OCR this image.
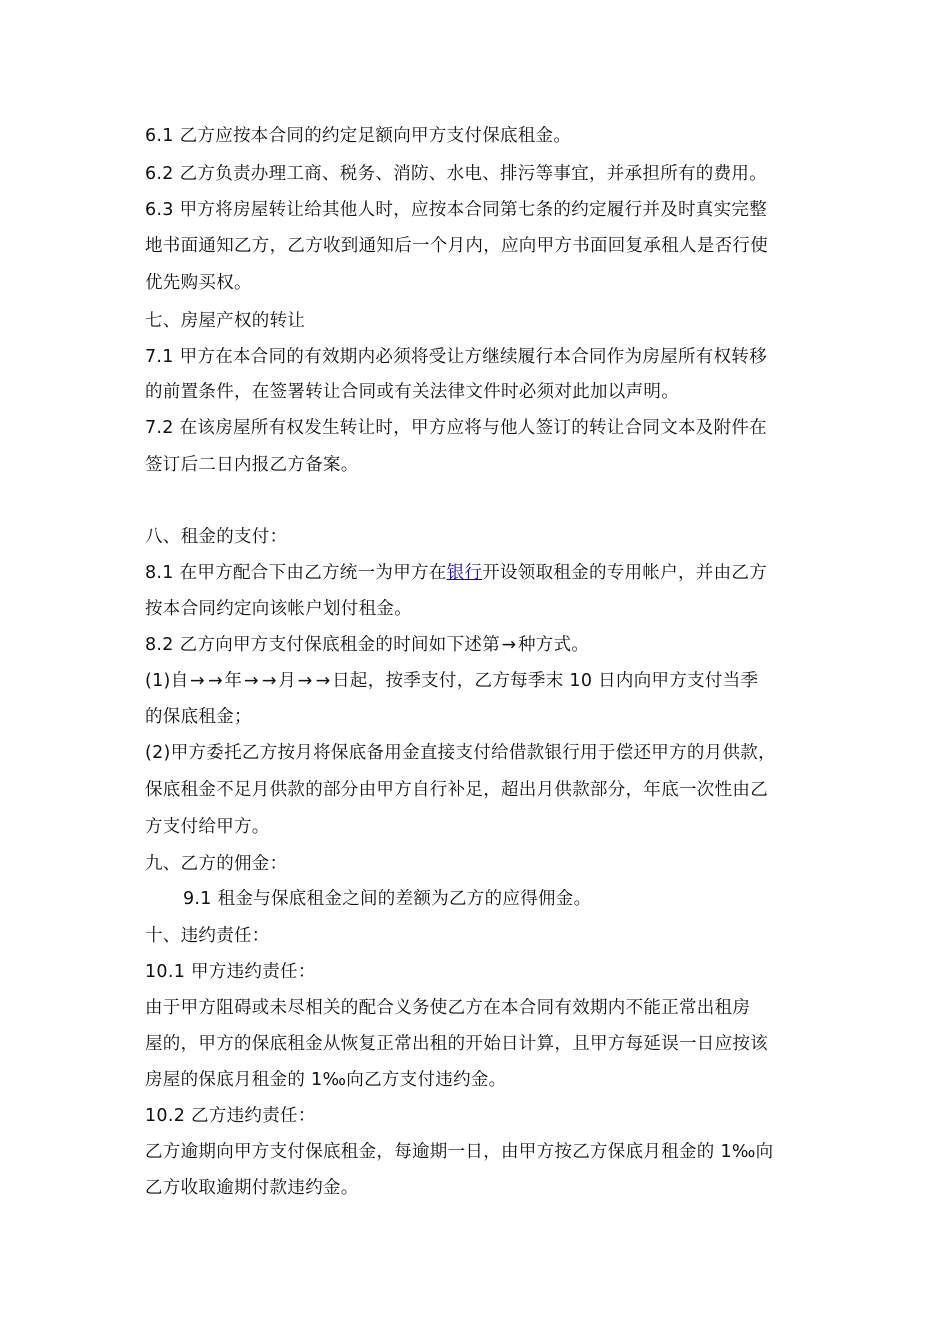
6.1 乙方应按本合同的约定足额向甲方支付保底租金。
6.2 乙方负责办理工商、税务、消防、水电、排污等事宜，并承担所有的费用。
6.3 甲方将房屋转让给其他人时，应按本合同第七条的约定履行并及时真实完整
地书面通知乙方，乙方收到通知后一个月内，应向甲方书面回复承租人是否行使
优先购买权。
七、房屋产权的转让
7.1 甲方在本合同的有效期内必须将受让方继续履行本合同作为房屋所有权转移
的前置条件，在签署转让合同或有关法律文件时必须对此加以声明。
7.2 在该房屋所有权发生转让时，甲方应将与他人签订的转让合同文本及附件在
签订后二日内报乙方备案。
八、租金的支付：
8.1 在甲方配合下由乙方统一为甲方在银行开设领取租金的专用帐户，并由乙方
按本合同约定向该帐户划付租金。
8.2 乙方向甲方支付保底租金的时间如下述第→种方式。
(1)自→ →年→ →月→ →日起，按季支付，乙方每季末 10 日内向甲方支付当季
的保底租金；
(2)甲方委托乙方按月将保底备用金直接支付给借款银行用于偿还甲方的月供款，
保底租金不足月供款的部分由甲方自行补足，超出月供款部分，年底一次性由乙
方支付给甲方。
九、乙方的佣金：
9.1 租金与保底租金之间的差额为乙方的应得佣金。
十、违约责任：
10.1 甲方违约责任：
由于甲方阻碍或未尽相关的配合义务使乙方在本合同有效期内不能正常出租房
屋的，甲方的保底租金从恢复正常出租的开始日计算，且甲方每延误一日应按该
房屋的保底月租金的 1‰向乙方支付违约金。
10.2 乙方违约责任：
乙方逾期向甲方支付保底租金，每逾期一日，由甲方按乙方保底月租金的 1‰向
乙方收取逾期付款违约金。
